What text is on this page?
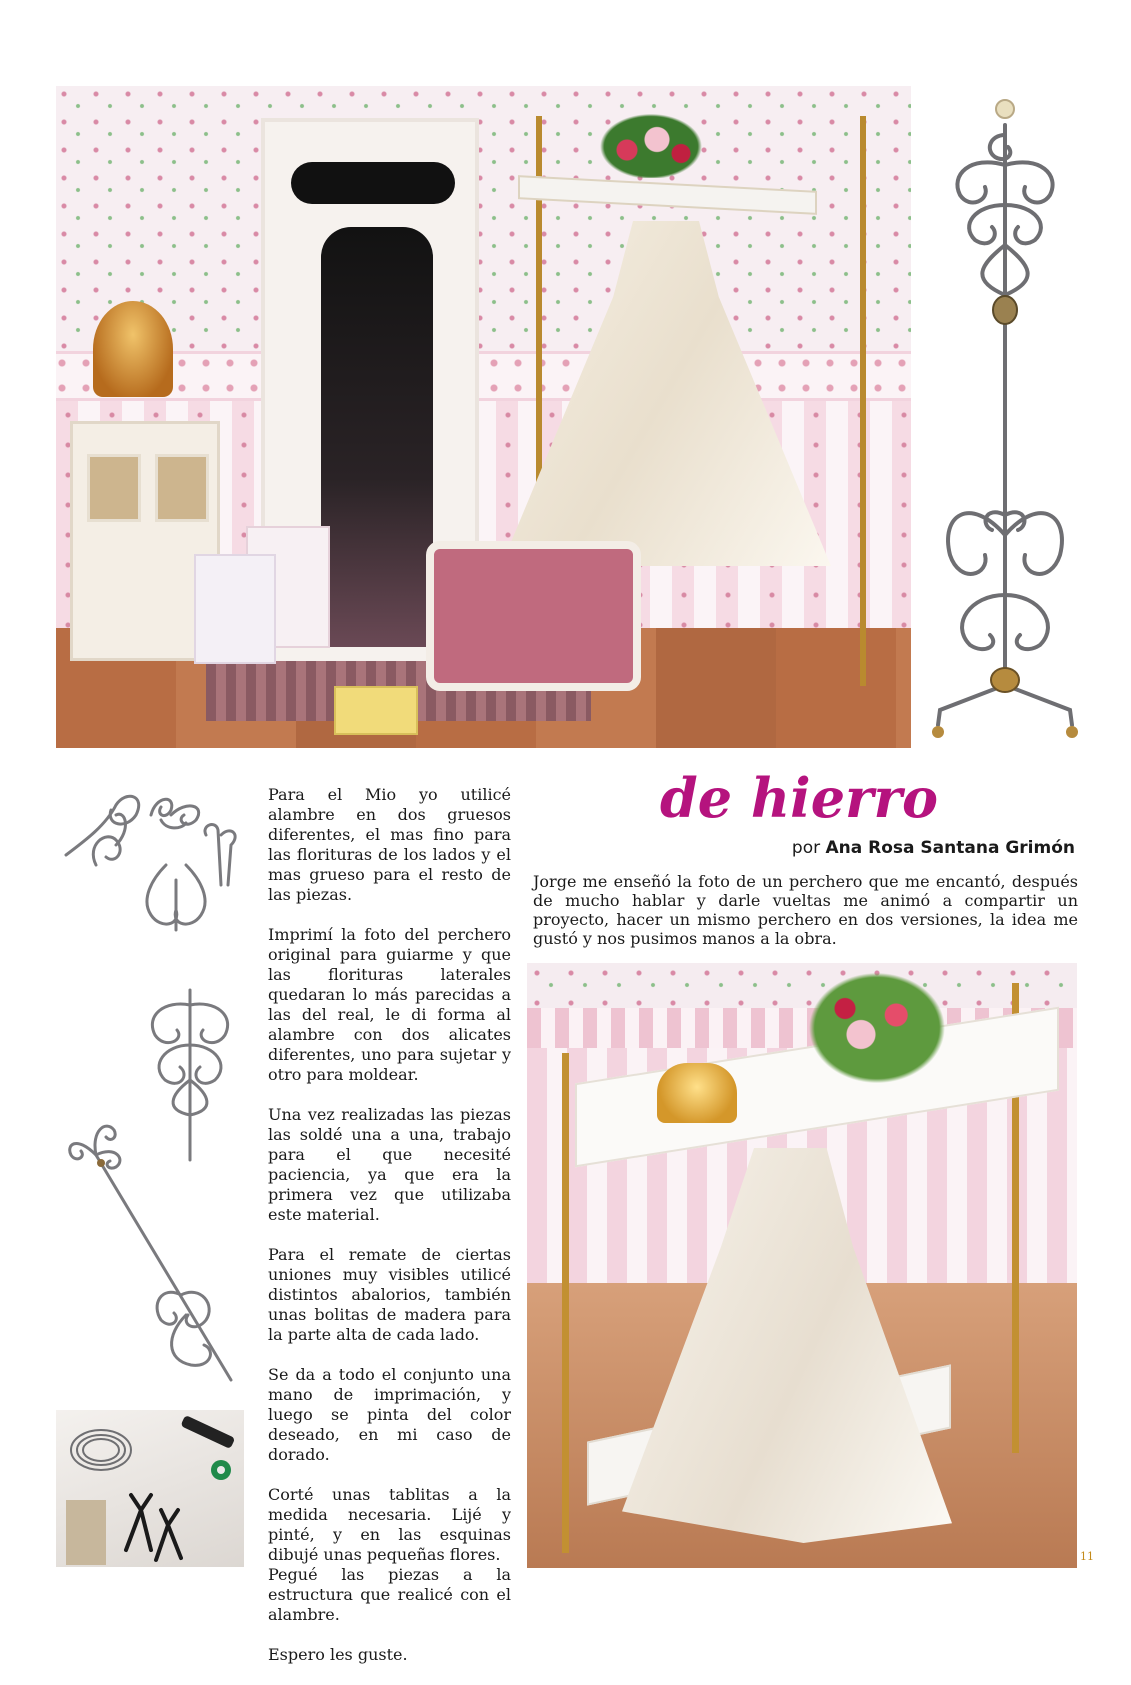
Para el Mio yo utilicé alambre en dos gruesos diferentes, el mas fino para las florituras de los lados y el mas grueso para el resto de las piezas.

Imprimí la foto del perchero original para guiarme y que las florituras laterales quedaran lo más parecidas a las del real, le di forma al alambre con dos alicates diferentes, uno para sujetar y otro para moldear.

Una vez realizadas las piezas las soldé una a una, trabajo para el que necesité paciencia, ya que era la primera vez que utilizaba este material.

Para el remate de ciertas uniones muy visibles utilicé distintos abalorios, también unas bolitas de madera para la parte alta de cada lado.

Se da a todo el conjunto una mano de imprimación, y luego se pinta del color deseado, en mi caso de dorado.

Corté unas tablitas a la medida necesaria. Lijé y pinté, y en las esquinas dibujé unas pequeñas flores.

Pegué las piezas a la estructura que realicé con el alambre.

Espero les guste.

de hierro
por Ana Rosa Santana Grimón
Jorge me enseñó la foto de un perchero que me encantó, después de mucho hablar y darle vueltas me animó a compartir un proyecto, hacer un mismo perchero en dos versiones, la idea me gustó y nos pusimos manos a la obra.
11
